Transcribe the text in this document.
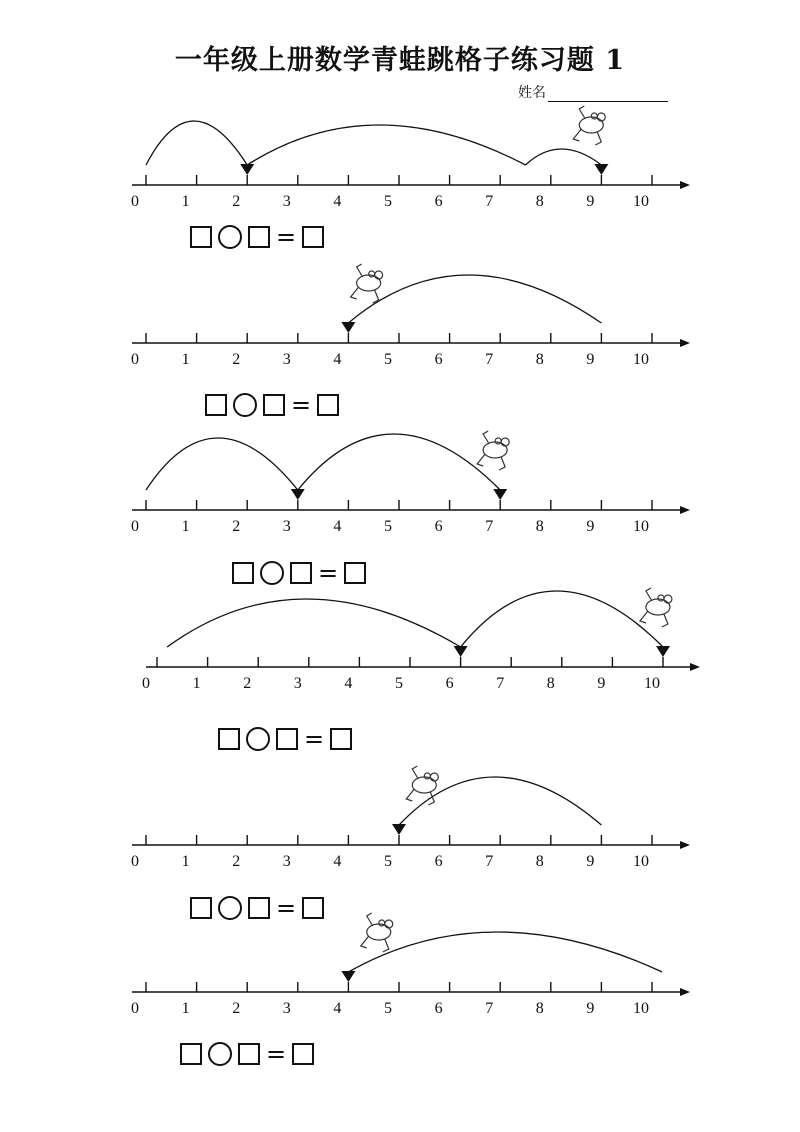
一年级上册数学青蛙跳格子练习题 1
姓名
0	1	2	3	4	5	6	7	8	9 10
0	1	2	3	4	5	6	7	8	9 10
0	1	2	3	4	5	6	7	8	9 10
0	1	2	3	4	5	6	7	8	9 10
0	1	2	3	4	5	6	7	8	9 10
0	1	2	3	4	5	6	7	8	9 10
=
=
=
=
=
=
